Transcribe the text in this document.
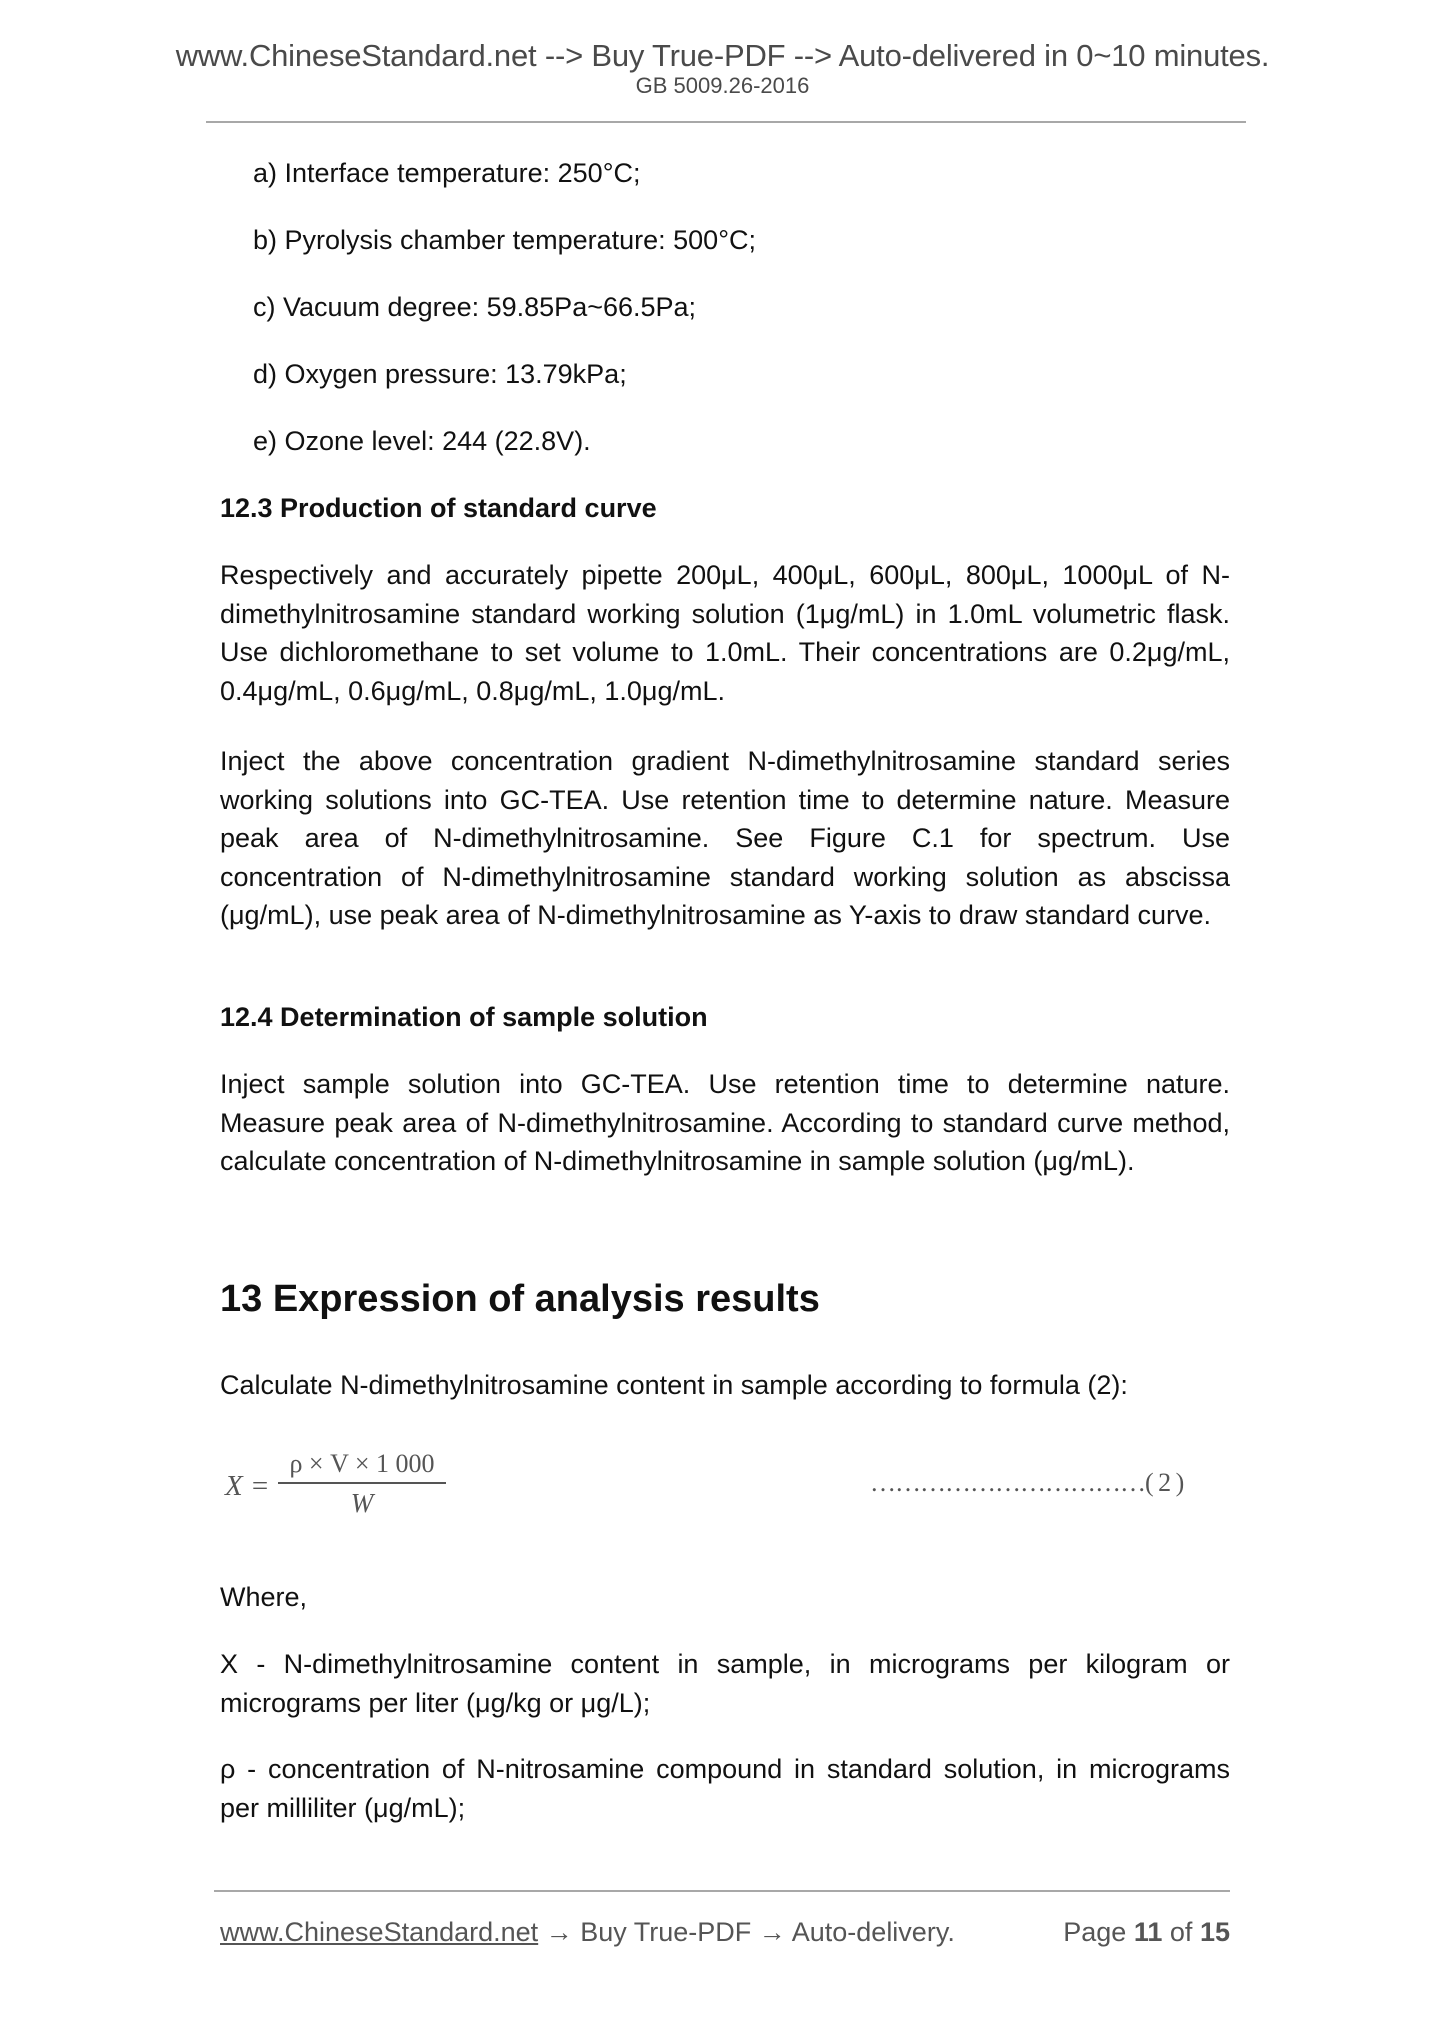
www.ChineseStandard.net --> Buy True-PDF --> Auto-delivered in 0~10 minutes.
GB 5009.26-2016
a) Interface temperature: 250°C;
b) Pyrolysis chamber temperature: 500°C;
c) Vacuum degree: 59.85Pa~66.5Pa;
d) Oxygen pressure: 13.79kPa;
e) Ozone level: 244 (22.8V).
12.3 Production of standard curve

Respectively and accurately pipette 200μL, 400μL, 600μL, 800μL, 1000μL of N-dimethylnitrosamine standard working solution (1μg/mL) in 1.0mL volumetric flask. Use dichloromethane to set volume to 1.0mL. Their concentrations are 0.2μg/mL, 0.4μg/mL, 0.6μg/mL, 0.8μg/mL, 1.0μg/mL.

Inject the above concentration gradient N-dimethylnitrosamine standard series working solutions into GC-TEA. Use retention time to determine nature. Measure peak area of N-dimethylnitrosamine. See Figure C.1 for spectrum. Use concentration of N-dimethylnitrosamine standard working solution as abscissa (μg/mL), use peak area of N-dimethylnitrosamine as Y-axis to draw standard curve.

12.4 Determination of sample solution

Inject sample solution into GC-TEA. Use retention time to determine nature. Measure peak area of N-dimethylnitrosamine. According to standard curve method, calculate concentration of N-dimethylnitrosamine in sample solution (μg/mL).

13 Expression of analysis results

Calculate N-dimethylnitrosamine content in sample according to formula (2):

Where,

X - N-dimethylnitrosamine content in sample, in micrograms per kilogram or micrograms per liter (μg/kg or μg/L);

ρ - concentration of N-nitrosamine compound in standard solution, in micrograms per milliliter (μg/mL);

X =
ρ × V × 1 000
W
……………………………( 2 )
www.ChineseStandard.net → Buy True-PDF → Auto-delivery.	Page 11 of 15
